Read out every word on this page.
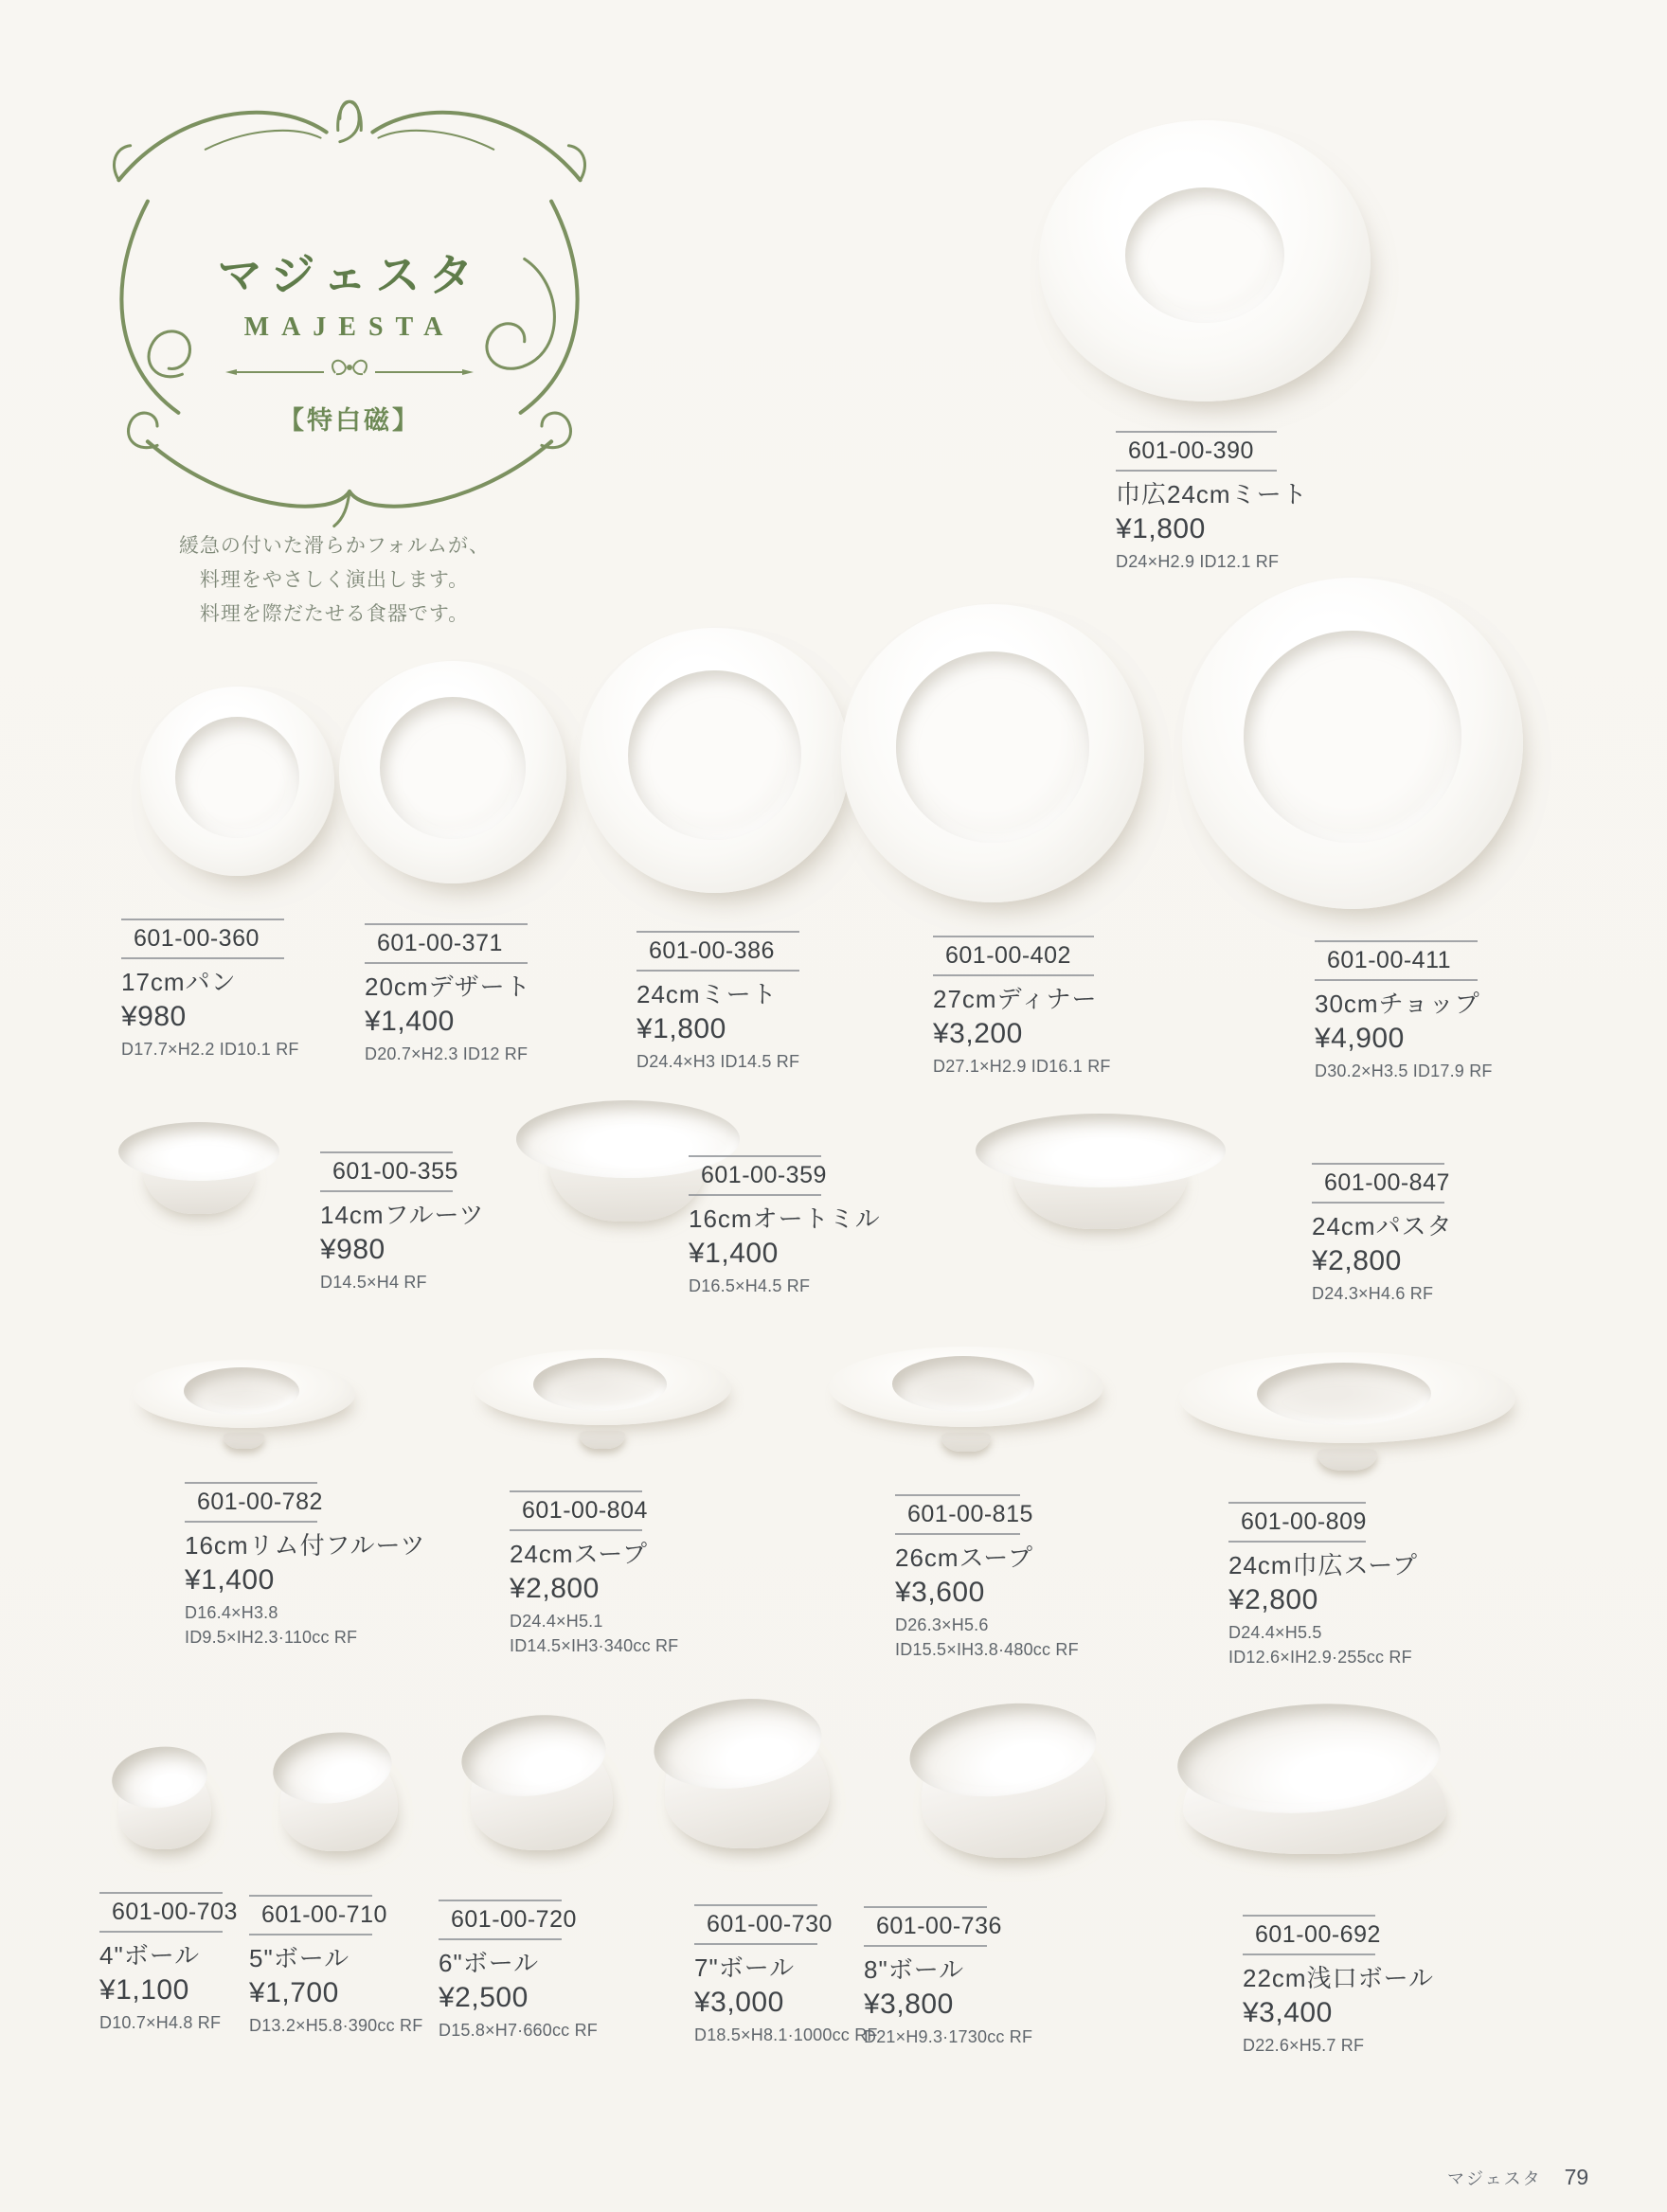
マジェスタ
MAJESTA
【特白磁】
緩急の付いた滑らかフォルムが、
料理をやさしく演出します。
料理を際だたせる食器です。
601-00-390
巾広24cmミート
¥1,800
D24×H2.9 ID12.1 RF
601-00-360
17cmパン
¥980
D17.7×H2.2 ID10.1 RF
601-00-371
20cmデザート
¥1,400
D20.7×H2.3 ID12 RF
601-00-386
24cmミート
¥1,800
D24.4×H3 ID14.5 RF
601-00-402
27cmディナー
¥3,200
D27.1×H2.9 ID16.1 RF
601-00-411
30cmチョップ
¥4,900
D30.2×H3.5 ID17.9 RF
601-00-355
14cmフルーツ
¥980
D14.5×H4 RF
601-00-359
16cmオートミル
¥1,400
D16.5×H4.5 RF
601-00-847
24cmパスタ
¥2,800
D24.3×H4.6 RF
601-00-782
16cmリム付フルーツ
¥1,400
D16.4×H3.8
ID9.5×IH2.3·110cc RF
601-00-804
24cmスープ
¥2,800
D24.4×H5.1
ID14.5×IH3·340cc RF
601-00-815
26cmスープ
¥3,600
D26.3×H5.6
ID15.5×IH3.8·480cc RF
601-00-809
24cm巾広スープ
¥2,800
D24.4×H5.5
ID12.6×IH2.9·255cc RF
601-00-703
4"ボール
¥1,100
D10.7×H4.8 RF
601-00-710
5"ボール
¥1,700
D13.2×H5.8·390cc RF
601-00-720
6"ボール
¥2,500
D15.8×H7·660cc RF
601-00-730
7"ボール
¥3,000
D18.5×H8.1·1000cc RF
601-00-736
8"ボール
¥3,800
D21×H9.3·1730cc RF
601-00-692
22cm浅口ボール
¥3,400
D22.6×H5.7 RF
マジェスタ 79
